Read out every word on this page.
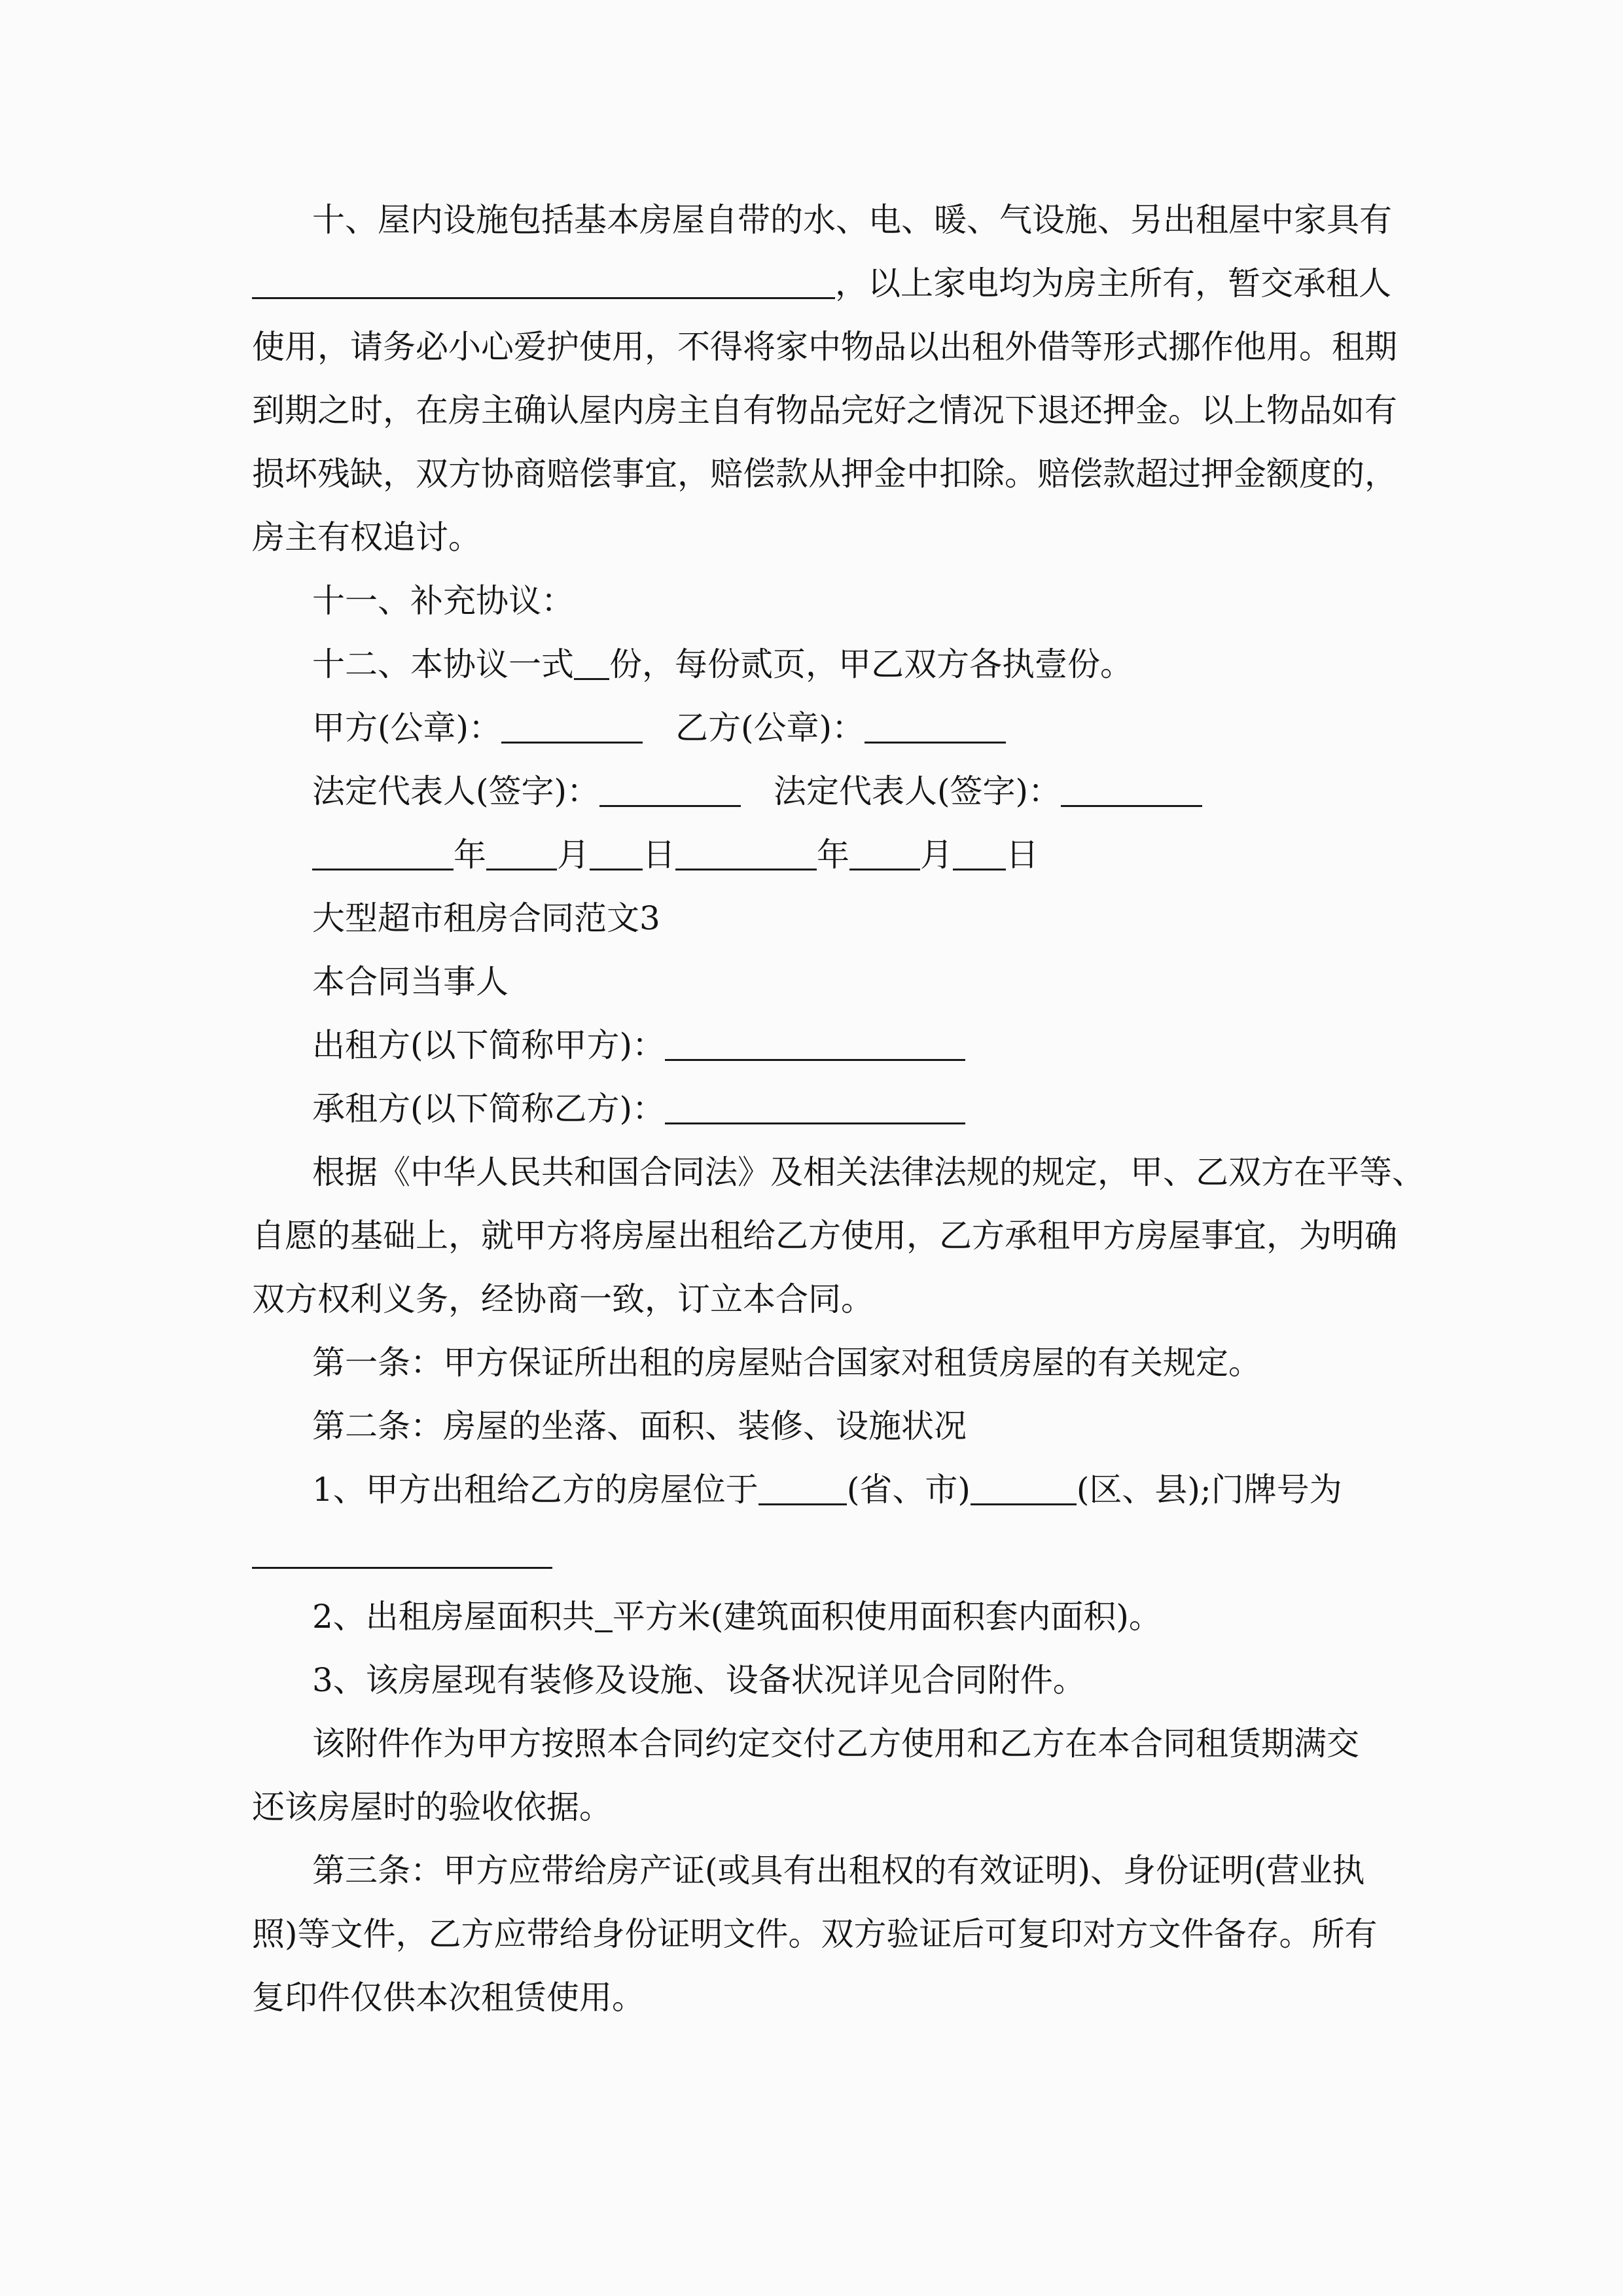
十、屋内设施包括基本房屋自带的水、电、暖、气设施、另出租屋中家具有
，以上家电均为房主所有，暂交承租人
使用，请务必小心爱护使用，不得将家中物品以出租外借等形式挪作他用。租期
到期之时，在房主确认屋内房主自有物品完好之情况下退还押金。以上物品如有
损坏残缺，双方协商赔偿事宜，赔偿款从押金中扣除。赔偿款超过押金额度的，
房主有权追讨。
十一、补充协议：
十二、本协议一式 份，每份贰页，甲乙双方各执壹份。
甲方(公章)：	　乙方(公章)：
法定代表人(签字)：	　法定代表人(签字)：
年 月 日	年 月 日
大型超市租房合同范文3
本合同当事人
出租方(以下简称甲方)：
承租方(以下简称乙方)：
根据《中华人民共和国合同法》及相关法律法规的规定，甲、乙双方在平等、
自愿的基础上，就甲方将房屋出租给乙方使用，乙方承租甲方房屋事宜，为明确
双方权利义务，经协商一致，订立本合同。
第一条：甲方保证所出租的房屋贴合国家对租赁房屋的有关规定。
第二条：房屋的坐落、面积、装修、设施状况
1、甲方出租给乙方的房屋位于	(省、市)	(区、县);门牌号为
2、出租房屋面积共 平方米(建筑面积使用面积套内面积)。
3、该房屋现有装修及设施、设备状况详见合同附件。
该附件作为甲方按照本合同约定交付乙方使用和乙方在本合同租赁期满交
还该房屋时的验收依据。
第三条：甲方应带给房产证(或具有出租权的有效证明)、身份证明(营业执
照)等文件，乙方应带给身份证明文件。双方验证后可复印对方文件备存。所有
复印件仅供本次租赁使用。
